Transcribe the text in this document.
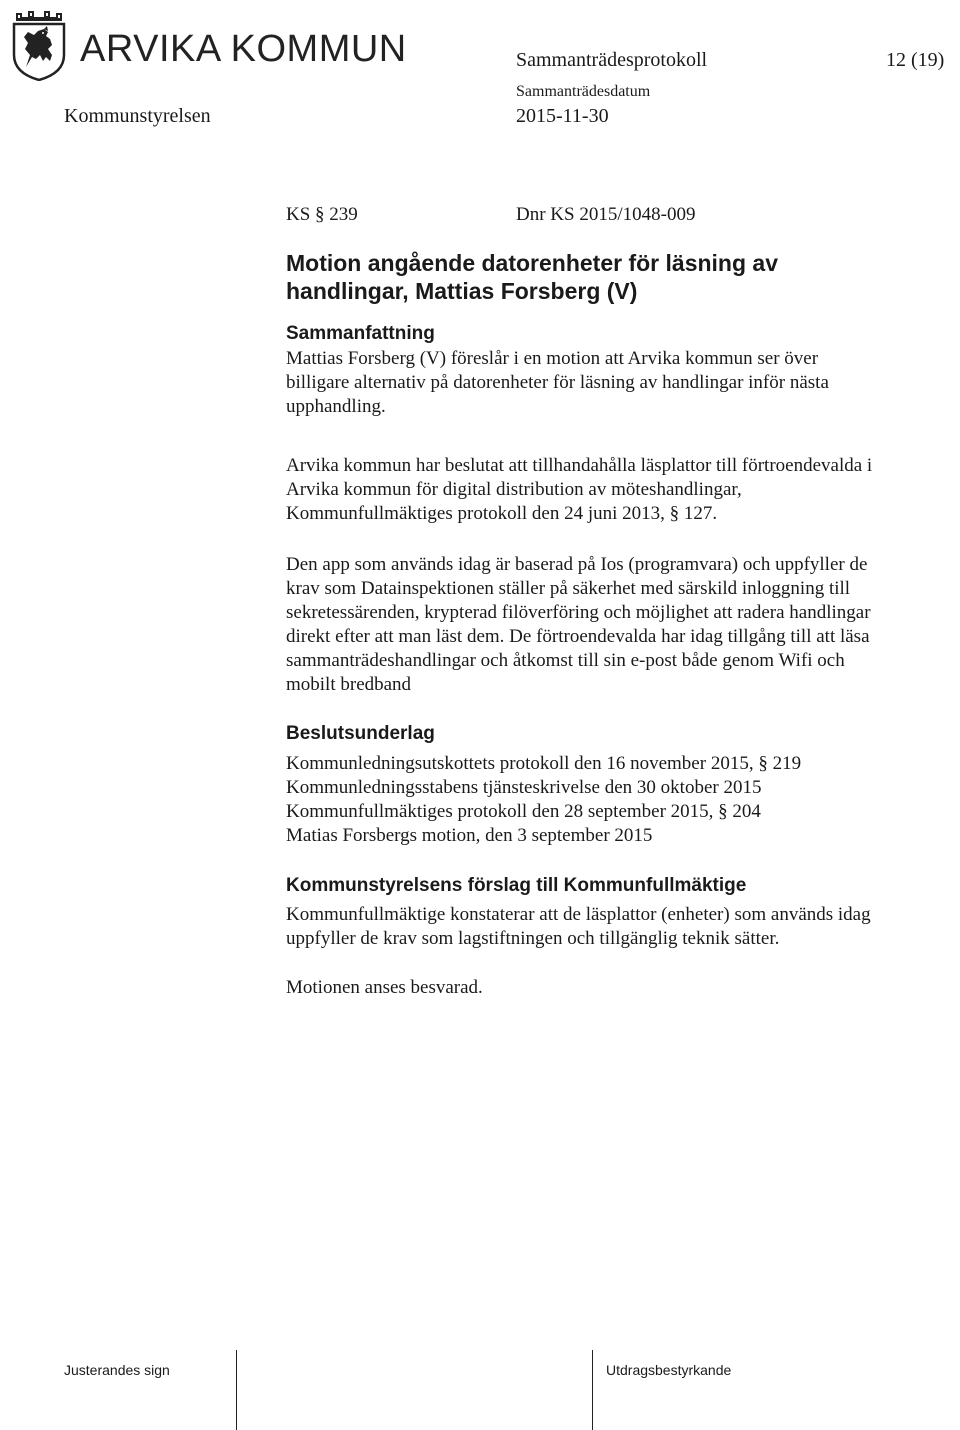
ARVIKA KOMMUN	Sammanträdesprotokoll	12 (19)
Kommunstyrelsen
Sammanträdesdatum
2015-11-30
KS § 239	Dnr KS 2015/1048-009

Motion angående datorenheter för läsning av

handlingar, Mattias Forsberg (V)

Sammanfattning

Mattias Forsberg (V) föreslår i en motion att Arvika kommun ser över

billigare alternativ på datorenheter för läsning av handlingar inför nästa

upphandling.

Arvika kommun har beslutat att tillhandahålla läsplattor till förtroendevalda i

Arvika kommun för digital distribution av möteshandlingar,

Kommunfullmäktiges protokoll den 24 juni 2013, § 127.

Den app som används idag är baserad på Ios (programvara) och uppfyller de

krav som Datainspektionen ställer på säkerhet med särskild inloggning till

sekretessärenden, krypterad filöverföring och möjlighet att radera handlingar

direkt efter att man läst dem. De förtroendevalda har idag tillgång till att läsa

sammanträdeshandlingar och åtkomst till sin e-post både genom Wifi och

mobilt bredband

Beslutsunderlag

Kommunledningsutskottets protokoll den 16 november 2015, § 219

Kommunledningsstabens tjänsteskrivelse den 30 oktober 2015

Kommunfullmäktiges protokoll den 28 september 2015, § 204

Matias Forsbergs motion, den 3 september 2015

Kommunstyrelsens förslag till Kommunfullmäktige

Kommunfullmäktige konstaterar att de läsplattor (enheter) som används idag

uppfyller de krav som lagstiftningen och tillgänglig teknik sätter.

Motionen anses besvarad.

Justerandes sign	Utdragsbestyrkande
